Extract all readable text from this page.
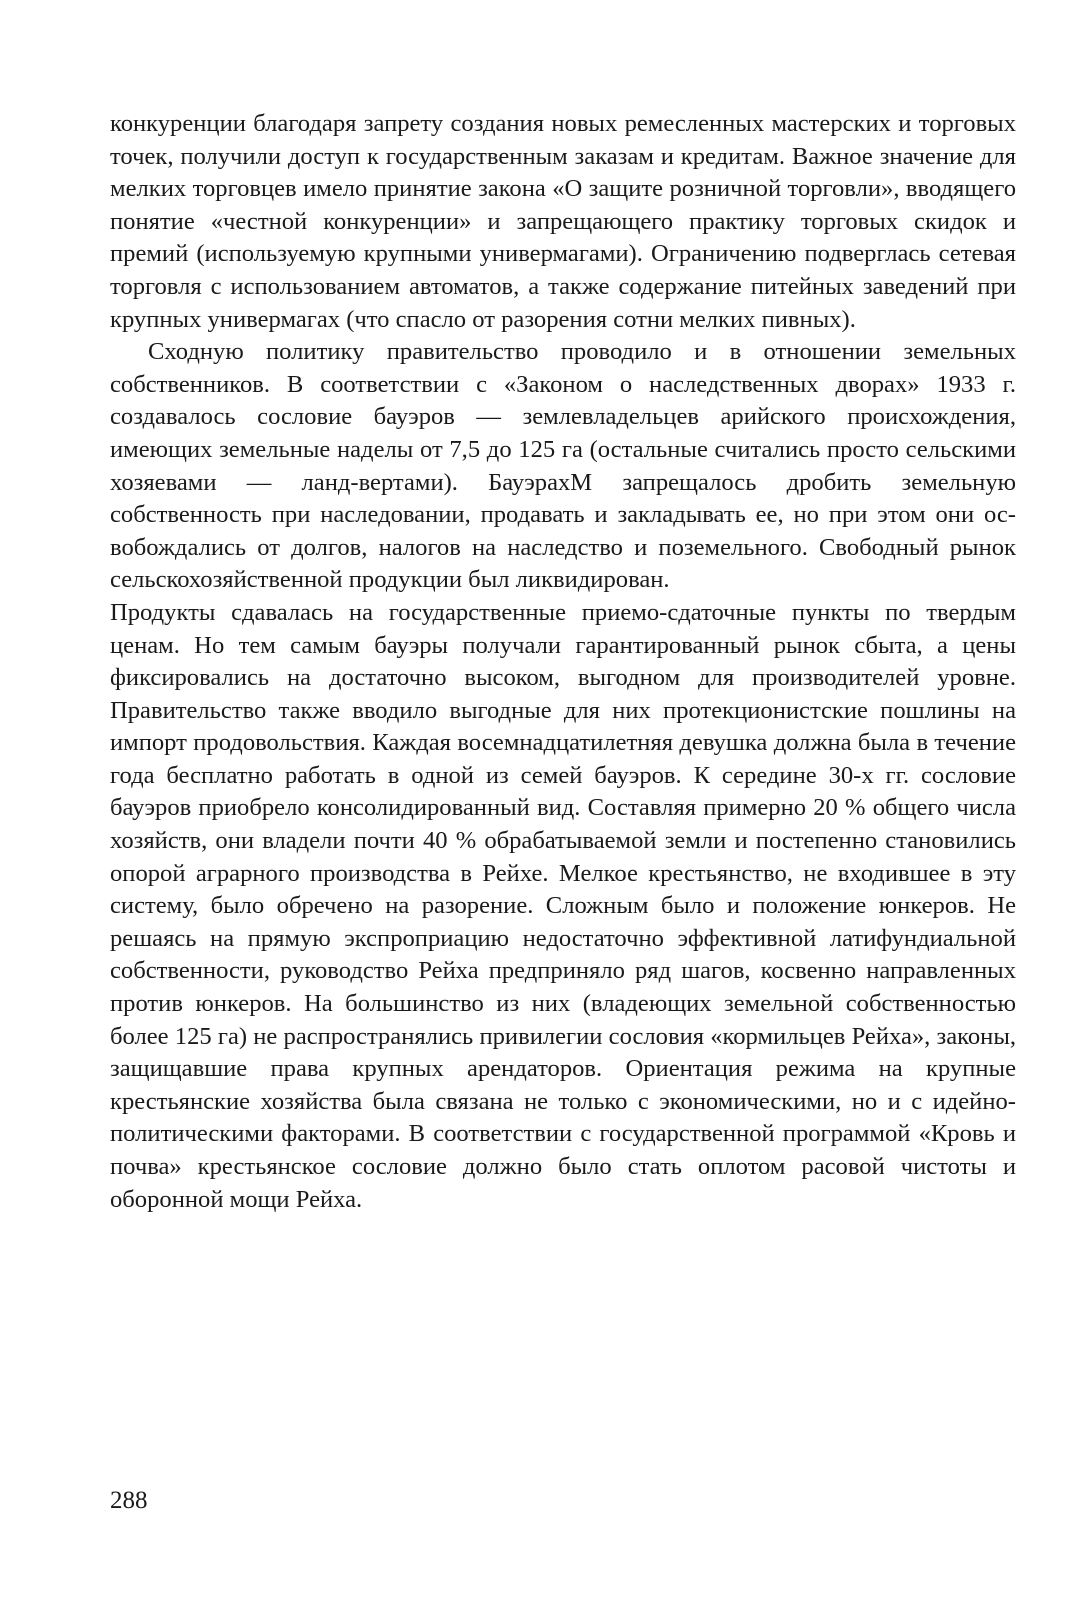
конкуренции благодаря запрету создания новых ремесленных мастерских и торговых точек, получили доступ к государственным заказам и кредитам. Важное значение для мелких торговцев имело принятие закона «О защите розничной торговли», вводящего понятие «честной конкуренции» и запрещающего практику торговых скидок и премий (используемую крупными универмагами). Ограничению подверглась сетевая торговля с использованием автоматов, а также содержание питейных заведений при крупных универмагах (что спасло от разорения сотни мелких пивных).

Сходную политику правительство проводило и в отношении земельных собственников. В соответствии с «Законом о наследственных дворах» 1933 г. создавалось сословие бауэров — землевладельцев арийского происхождения, имеющих земельные наделы от 7,5 до 125 га (остальные считались просто сельскими хозяевами — ланд-вертами). БауэрахМ запрещалось дробить земельную собственность при наследовании, продавать и закладывать ее, но при этом они освобождались от долгов, налогов на наследство и поземельного. Свободный рынок сельскохозяйственной продукции был ликвидирован.

Продукты сдавалась на государственные приемо-сдаточные пункты по твердым ценам. Но тем самым бауэры получали гарантированный рынок сбыта, а цены фиксировались на достаточно высоком, выгодном для производителей уровне. Правительство также вводило выгодные для них протекционистские пошлины на импорт продовольствия. Каждая восемнадцатилетняя девушка должна была в течение года бесплатно работать в одной из семей бауэров. К середине 30-х гг. сословие бауэров приобрело консолидированный вид. Составляя примерно 20 % общего числа хозяйств, они владели почти 40 % обрабатываемой земли и постепенно становились опорой аграрного производства в Рейхе. Мелкое крестьянство, не входившее в эту систему, было обречено на разорение. Сложным было и положение юнкеров. Не решаясь на прямую экспроприацию недостаточно эффективной латифундиальной собственности, руководство Рейха предприняло ряд шагов, косвенно направленных против юнкеров. На большинство из них (владеющих земельной собственностью более 125 га) не распространялись привилегии сословия «кормильцев Рейха», законы, защищавшие права крупных арендаторов. Ориентация режима на крупные крестьянские хозяйства была связана не только с экономическими, но и с идейно-политическими факторами. В соответствии с государственной программой «Кровь и почва» крестьянское сословие должно было стать оплотом расовой чистоты и оборонной мощи Рейха.

288
